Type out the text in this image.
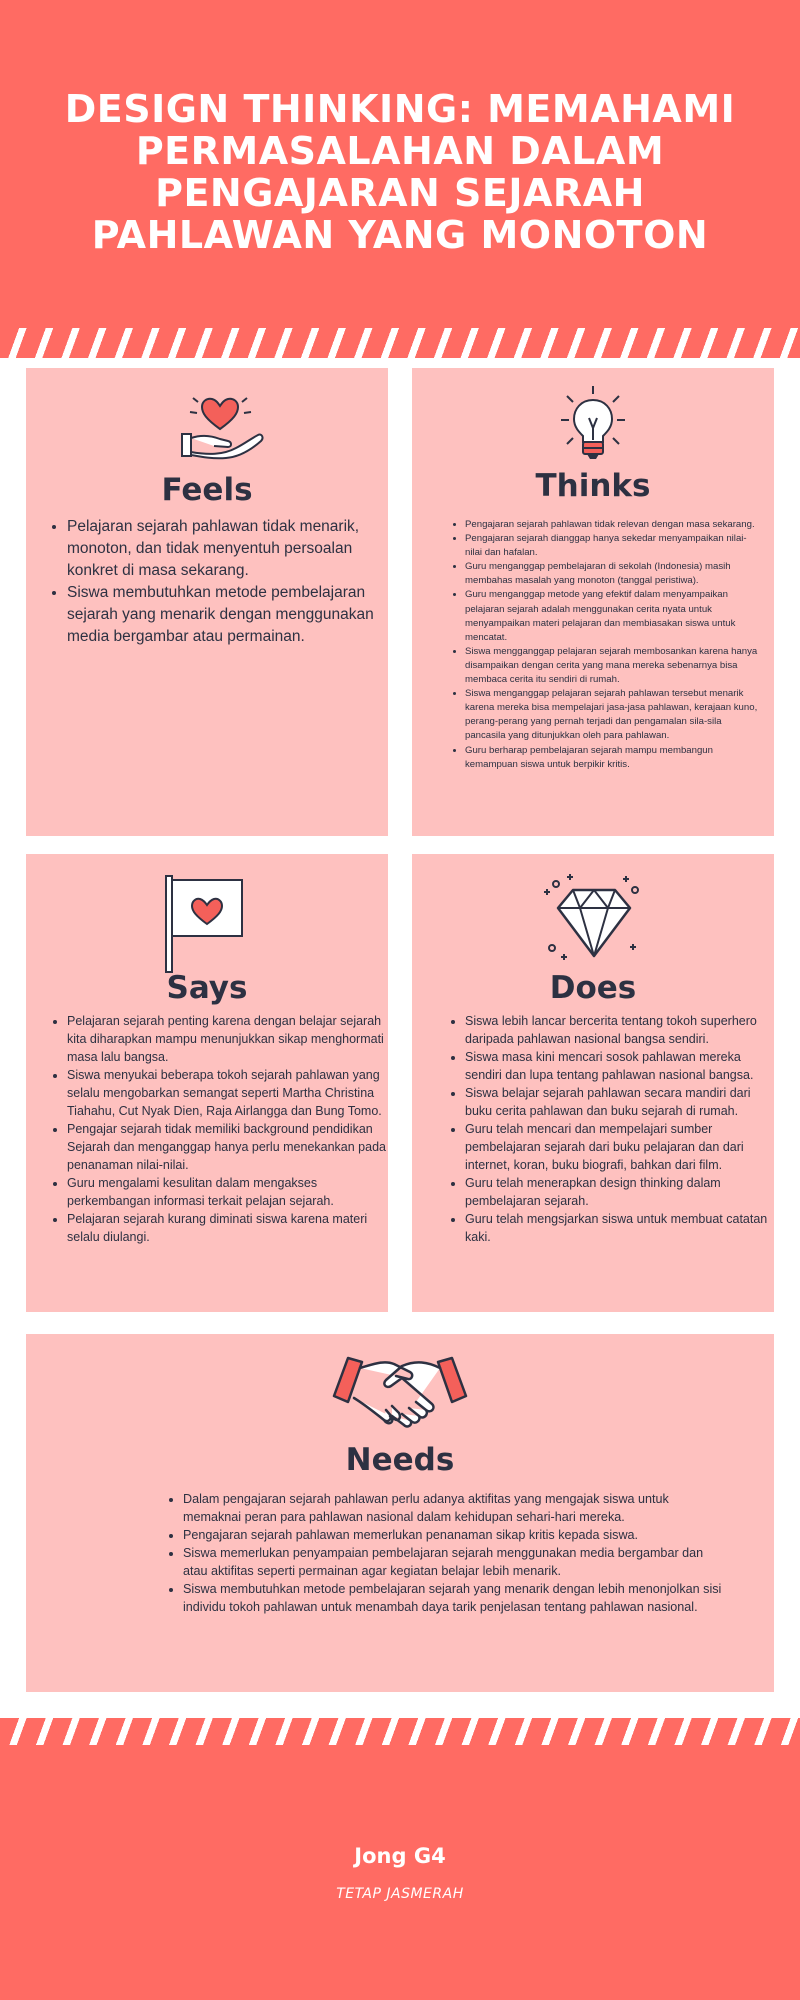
DESIGN THINKING: MEMAHAMI PERMASALAHAN DALAM PENGAJARAN SEJARAH PAHLAWAN YANG MONOTON
Feels
• Pelajaran sejarah pahlawan tidak menarik, monoton, dan tidak menyentuh persoalan konkret di masa sekarang.
• Siswa membutuhkan metode pembelajaran sejarah yang menarik dengan menggunakan media bergambar atau permainan.
Thinks
• Pengajaran sejarah pahlawan tidak relevan dengan masa sekarang.
• Pengajaran sejarah dianggap hanya sekedar menyampaikan nilai-nilai dan hafalan.
• Guru menganggap pembelajaran di sekolah (Indonesia) masih membahas masalah yang monoton (tanggal peristiwa).
• Guru menganggap metode yang efektif dalam menyampaikan pelajaran sejarah adalah menggunakan cerita nyata untuk menyampaikan materi pelajaran dan membiasakan siswa untuk mencatat.
• Siswa mengganggap pelajaran sejarah membosankan karena hanya disampaikan dengan cerita yang mana mereka sebenarnya bisa membaca cerita itu sendiri di rumah.
• Siswa menganggap pelajaran sejarah pahlawan tersebut menarik karena mereka bisa mempelajari jasa-jasa pahlawan, kerajaan kuno, perang-perang yang pernah terjadi dan pengamalan sila-sila pancasila yang ditunjukkan oleh para pahlawan.
• Guru berharap pembelajaran sejarah mampu membangun kemampuan siswa untuk berpikir kritis.
Says
• Pelajaran sejarah penting karena dengan belajar sejarah kita diharapkan mampu menunjukkan sikap menghormati masa lalu bangsa.
• Siswa menyukai beberapa tokoh sejarah pahlawan yang selalu mengobarkan semangat seperti Martha Christina Tiahahu, Cut Nyak Dien, Raja Airlangga dan Bung Tomo.
• Pengajar sejarah tidak memiliki background pendidikan Sejarah dan menganggap hanya perlu menekankan pada penanaman nilai-nilai.
• Guru mengalami kesulitan dalam mengakses perkembangan informasi terkait pelajan sejarah.
• Pelajaran sejarah kurang diminati siswa karena materi selalu diulangi.
Does
• Siswa lebih lancar bercerita tentang tokoh superhero daripada pahlawan nasional bangsa sendiri.
• Siswa masa kini mencari sosok pahlawan mereka sendiri dan lupa tentang pahlawan nasional bangsa.
• Siswa belajar sejarah pahlawan secara mandiri dari buku cerita pahlawan dan buku sejarah di rumah.
• Guru telah mencari dan mempelajari sumber pembelajaran sejarah dari buku pelajaran dan dari internet, koran, buku biografi, bahkan dari film.
• Guru telah menerapkan design thinking dalam pembelajaran sejarah.
• Guru telah mengsjarkan siswa untuk membuat catatan kaki.
Needs
• Dalam pengajaran sejarah pahlawan perlu adanya aktifitas yang mengajak siswa untuk memaknai peran para pahlawan nasional dalam kehidupan sehari-hari mereka.
• Pengajaran sejarah pahlawan memerlukan penanaman sikap kritis kepada siswa.
• Siswa memerlukan penyampaian pembelajaran sejarah menggunakan media bergambar dan atau aktifitas seperti permainan agar kegiatan belajar lebih menarik.
• Siswa membutuhkan metode pembelajaran sejarah yang menarik dengan lebih menonjolkan sisi individu tokoh pahlawan untuk menambah daya tarik penjelasan tentang pahlawan nasional.
Jong G4
TETAP JASMERAH
